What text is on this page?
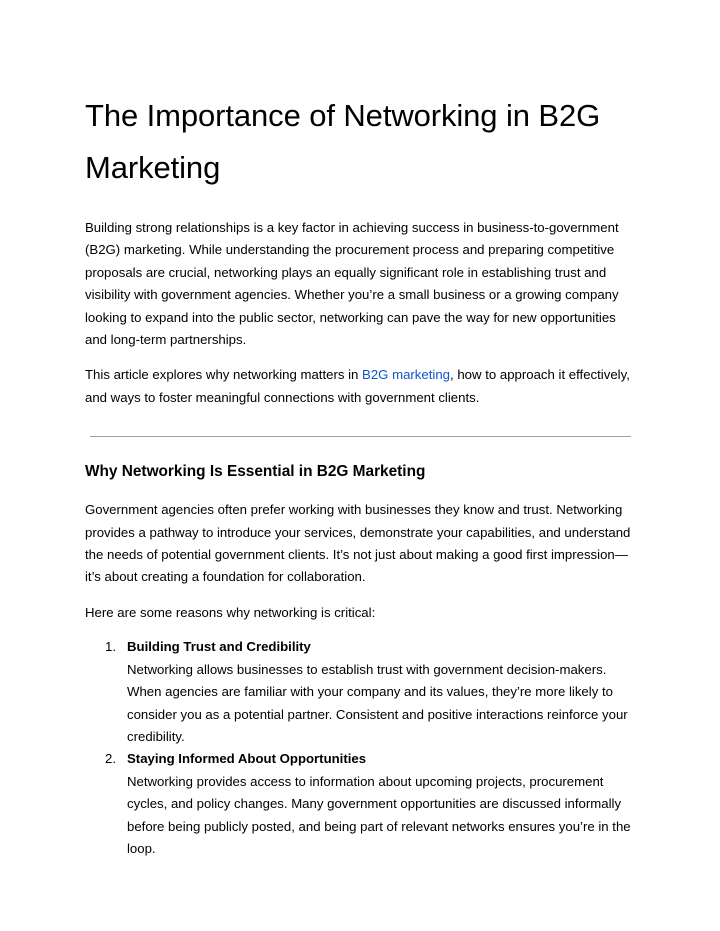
The Importance of Networking in B2G Marketing

Building strong relationships is a key factor in achieving success in business-to-government (B2G) marketing. While understanding the procurement process and preparing competitive proposals are crucial, networking plays an equally significant role in establishing trust and visibility with government agencies. Whether you’re a small business or a growing company looking to expand into the public sector, networking can pave the way for new opportunities and long-term partnerships.

This article explores why networking matters in B2G marketing, how to approach it effectively, and ways to foster meaningful connections with government clients.

Why Networking Is Essential in B2G Marketing

Government agencies often prefer working with businesses they know and trust. Networking provides a pathway to introduce your services, demonstrate your capabilities, and understand the needs of potential government clients. It’s not just about making a good first impression—it’s about creating a foundation for collaboration.

Here are some reasons why networking is critical:

1. Building Trust and Credibility
Networking allows businesses to establish trust with government decision-makers. When agencies are familiar with your company and its values, they’re more likely to consider you as a potential partner. Consistent and positive interactions reinforce your credibility.
2. Staying Informed About Opportunities
Networking provides access to information about upcoming projects, procurement cycles, and policy changes. Many government opportunities are discussed informally before being publicly posted, and being part of relevant networks ensures you’re in the loop.
